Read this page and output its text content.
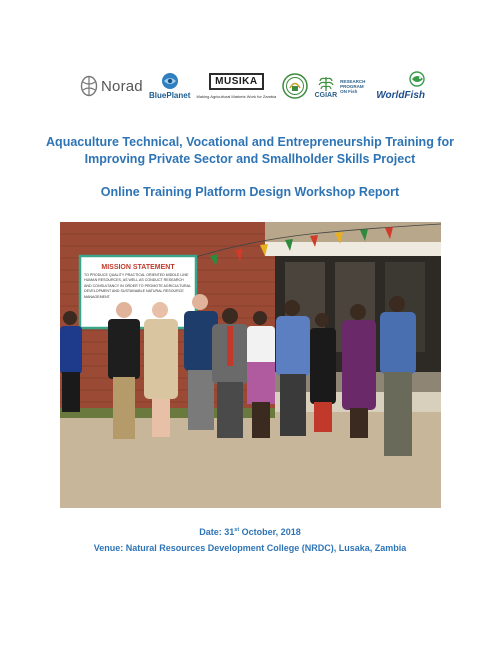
Norad
BluePlanet
MUSIKA
Making Agricultural Markets Work for Zambia	CGIAR
RESEARCH PROGRAM ON Fish	WorldFish
Aquaculture Technical, Vocational and Entrepreneurship Training for
Improving Private Sector and Smallholder Skills Project
Online Training Platform Design Workshop Report
MISSION STATEMENT
TO PRODUCE QUALITY PRACTICAL ORIENTED MIDDLE LINE HUMAN RESOURCES, AS WELL AS CONDUCT RESEARCH AND CONSULTANCY IN ORDER TO PROMOTE AGRICULTURAL DEVELOPMENT AND SUSTAINABLE NATURAL RESOURCE MANAGEMENT.
Date: 31st October, 2018
Venue: Natural Resources Development College (NRDC), Lusaka, Zambia
